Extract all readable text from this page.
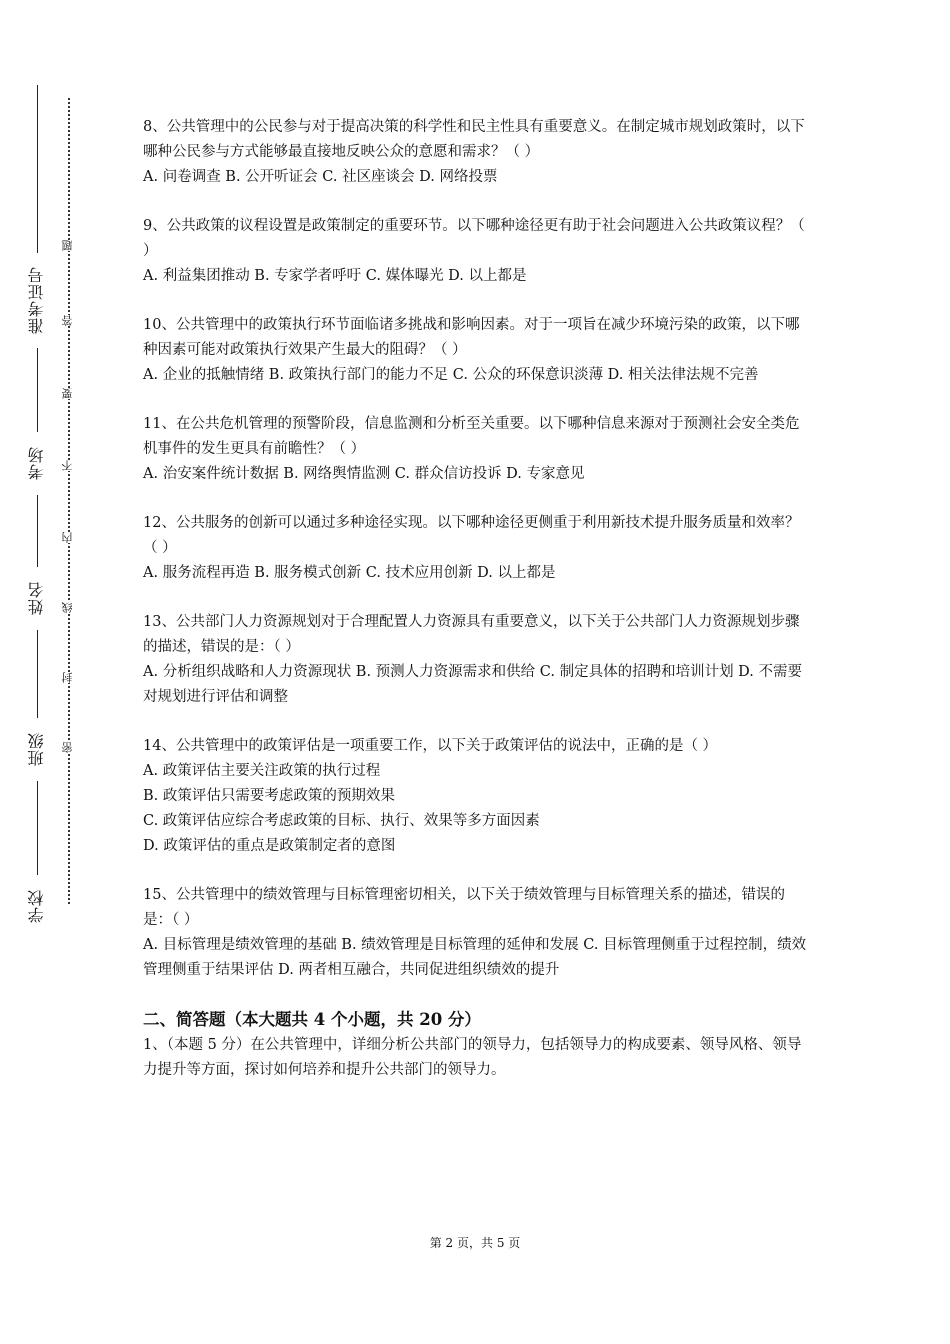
准考证号
考场
姓名
班级
学校
题
答
要
不
内
线
封
密

8、公共管理中的公民参与对于提高决策的科学性和民主性具有重要意义。在制定城市规划政策时，以下哪种公民参与方式能够最直接地反映公众的意愿和需求？（ ）

A. 问卷调查 B. 公开听证会 C. 社区座谈会 D. 网络投票

9、公共政策的议程设置是政策制定的重要环节。以下哪种途径更有助于社会问题进入公共政策议程？（ ）

A. 利益集团推动 B. 专家学者呼吁 C. 媒体曝光 D. 以上都是

10、公共管理中的政策执行环节面临诸多挑战和影响因素。对于一项旨在减少环境污染的政策，以下哪种因素可能对政策执行效果产生最大的阻碍？（ ）

A. 企业的抵触情绪 B. 政策执行部门的能力不足 C. 公众的环保意识淡薄 D. 相关法律法规不完善

11、在公共危机管理的预警阶段，信息监测和分析至关重要。以下哪种信息来源对于预测社会安全类危机事件的发生更具有前瞻性？（ ）

A. 治安案件统计数据 B. 网络舆情监测 C. 群众信访投诉 D. 专家意见

12、公共服务的创新可以通过多种途径实现。以下哪种途径更侧重于利用新技术提升服务质量和效率？（ ）

A. 服务流程再造 B. 服务模式创新 C. 技术应用创新 D. 以上都是

13、公共部门人力资源规划对于合理配置人力资源具有重要意义，以下关于公共部门人力资源规划步骤的描述，错误的是：（ ）

A. 分析组织战略和人力资源现状 B. 预测人力资源需求和供给 C. 制定具体的招聘和培训计划 D. 不需要对规划进行评估和调整

14、公共管理中的政策评估是一项重要工作，以下关于政策评估的说法中，正确的是（ ）

A. 政策评估主要关注政策的执行过程

B. 政策评估只需要考虑政策的预期效果

C. 政策评估应综合考虑政策的目标、执行、效果等多方面因素

D. 政策评估的重点是政策制定者的意图

15、公共管理中的绩效管理与目标管理密切相关，以下关于绩效管理与目标管理关系的描述，错误的是：（ ）

A. 目标管理是绩效管理的基础 B. 绩效管理是目标管理的延伸和发展 C. 目标管理侧重于过程控制，绩效管理侧重于结果评估 D. 两者相互融合，共同促进组织绩效的提升

二、简答题（本大题共 4 个小题，共 20 分）

1、（本题 5 分）在公共管理中，详细分析公共部门的领导力，包括领导力的构成要素、领导风格、领导力提升等方面，探讨如何培养和提升公共部门的领导力。

第 2 页，共 5 页
